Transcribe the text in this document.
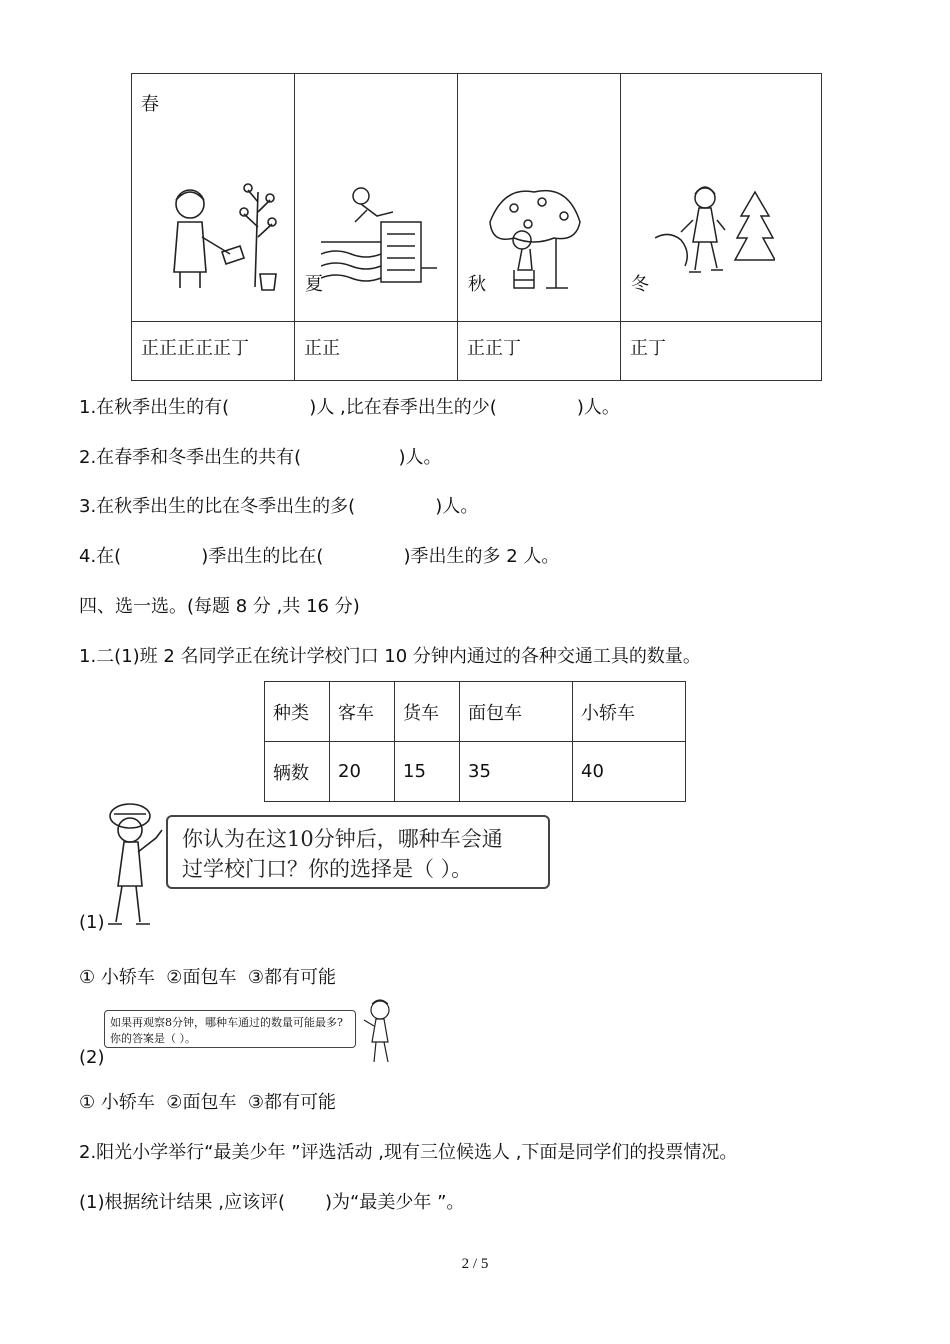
春	夏	秋	冬

正正正正正丁	正正	正正丁	正丁
1.在秋季出生的有(              )人 ,比在春季出生的少(              )人。
2.在春季和冬季出生的共有(                 )人。
3.在秋季出生的比在冬季出生的多(              )人。
4.在(              )季出生的比在(              )季出生的多 2 人。
四、选一选。(每题 8 分 ,共 16 分)
1.二(1)班 2 名同学正在统计学校门口 10 分钟内通过的各种交通工具的数量。
种类	客车	货车	面包车	小轿车
辆数	20	15	35	40
你认为在这10分钟后，哪种车会通
过学校门口？你的选择是（ ）。
(1)
① 小轿车  ②面包车  ③都有可能
如果再观察8分钟，哪种车通过的数量可能最多?
你的答案是（ ）。
(2)
① 小轿车  ②面包车  ③都有可能
2.阳光小学举行“最美少年 ”评选活动 ,现有三位候选人 ,下面是同学们的投票情况。
(1)根据统计结果 ,应该评(       )为“最美少年 ”。
2 / 5
